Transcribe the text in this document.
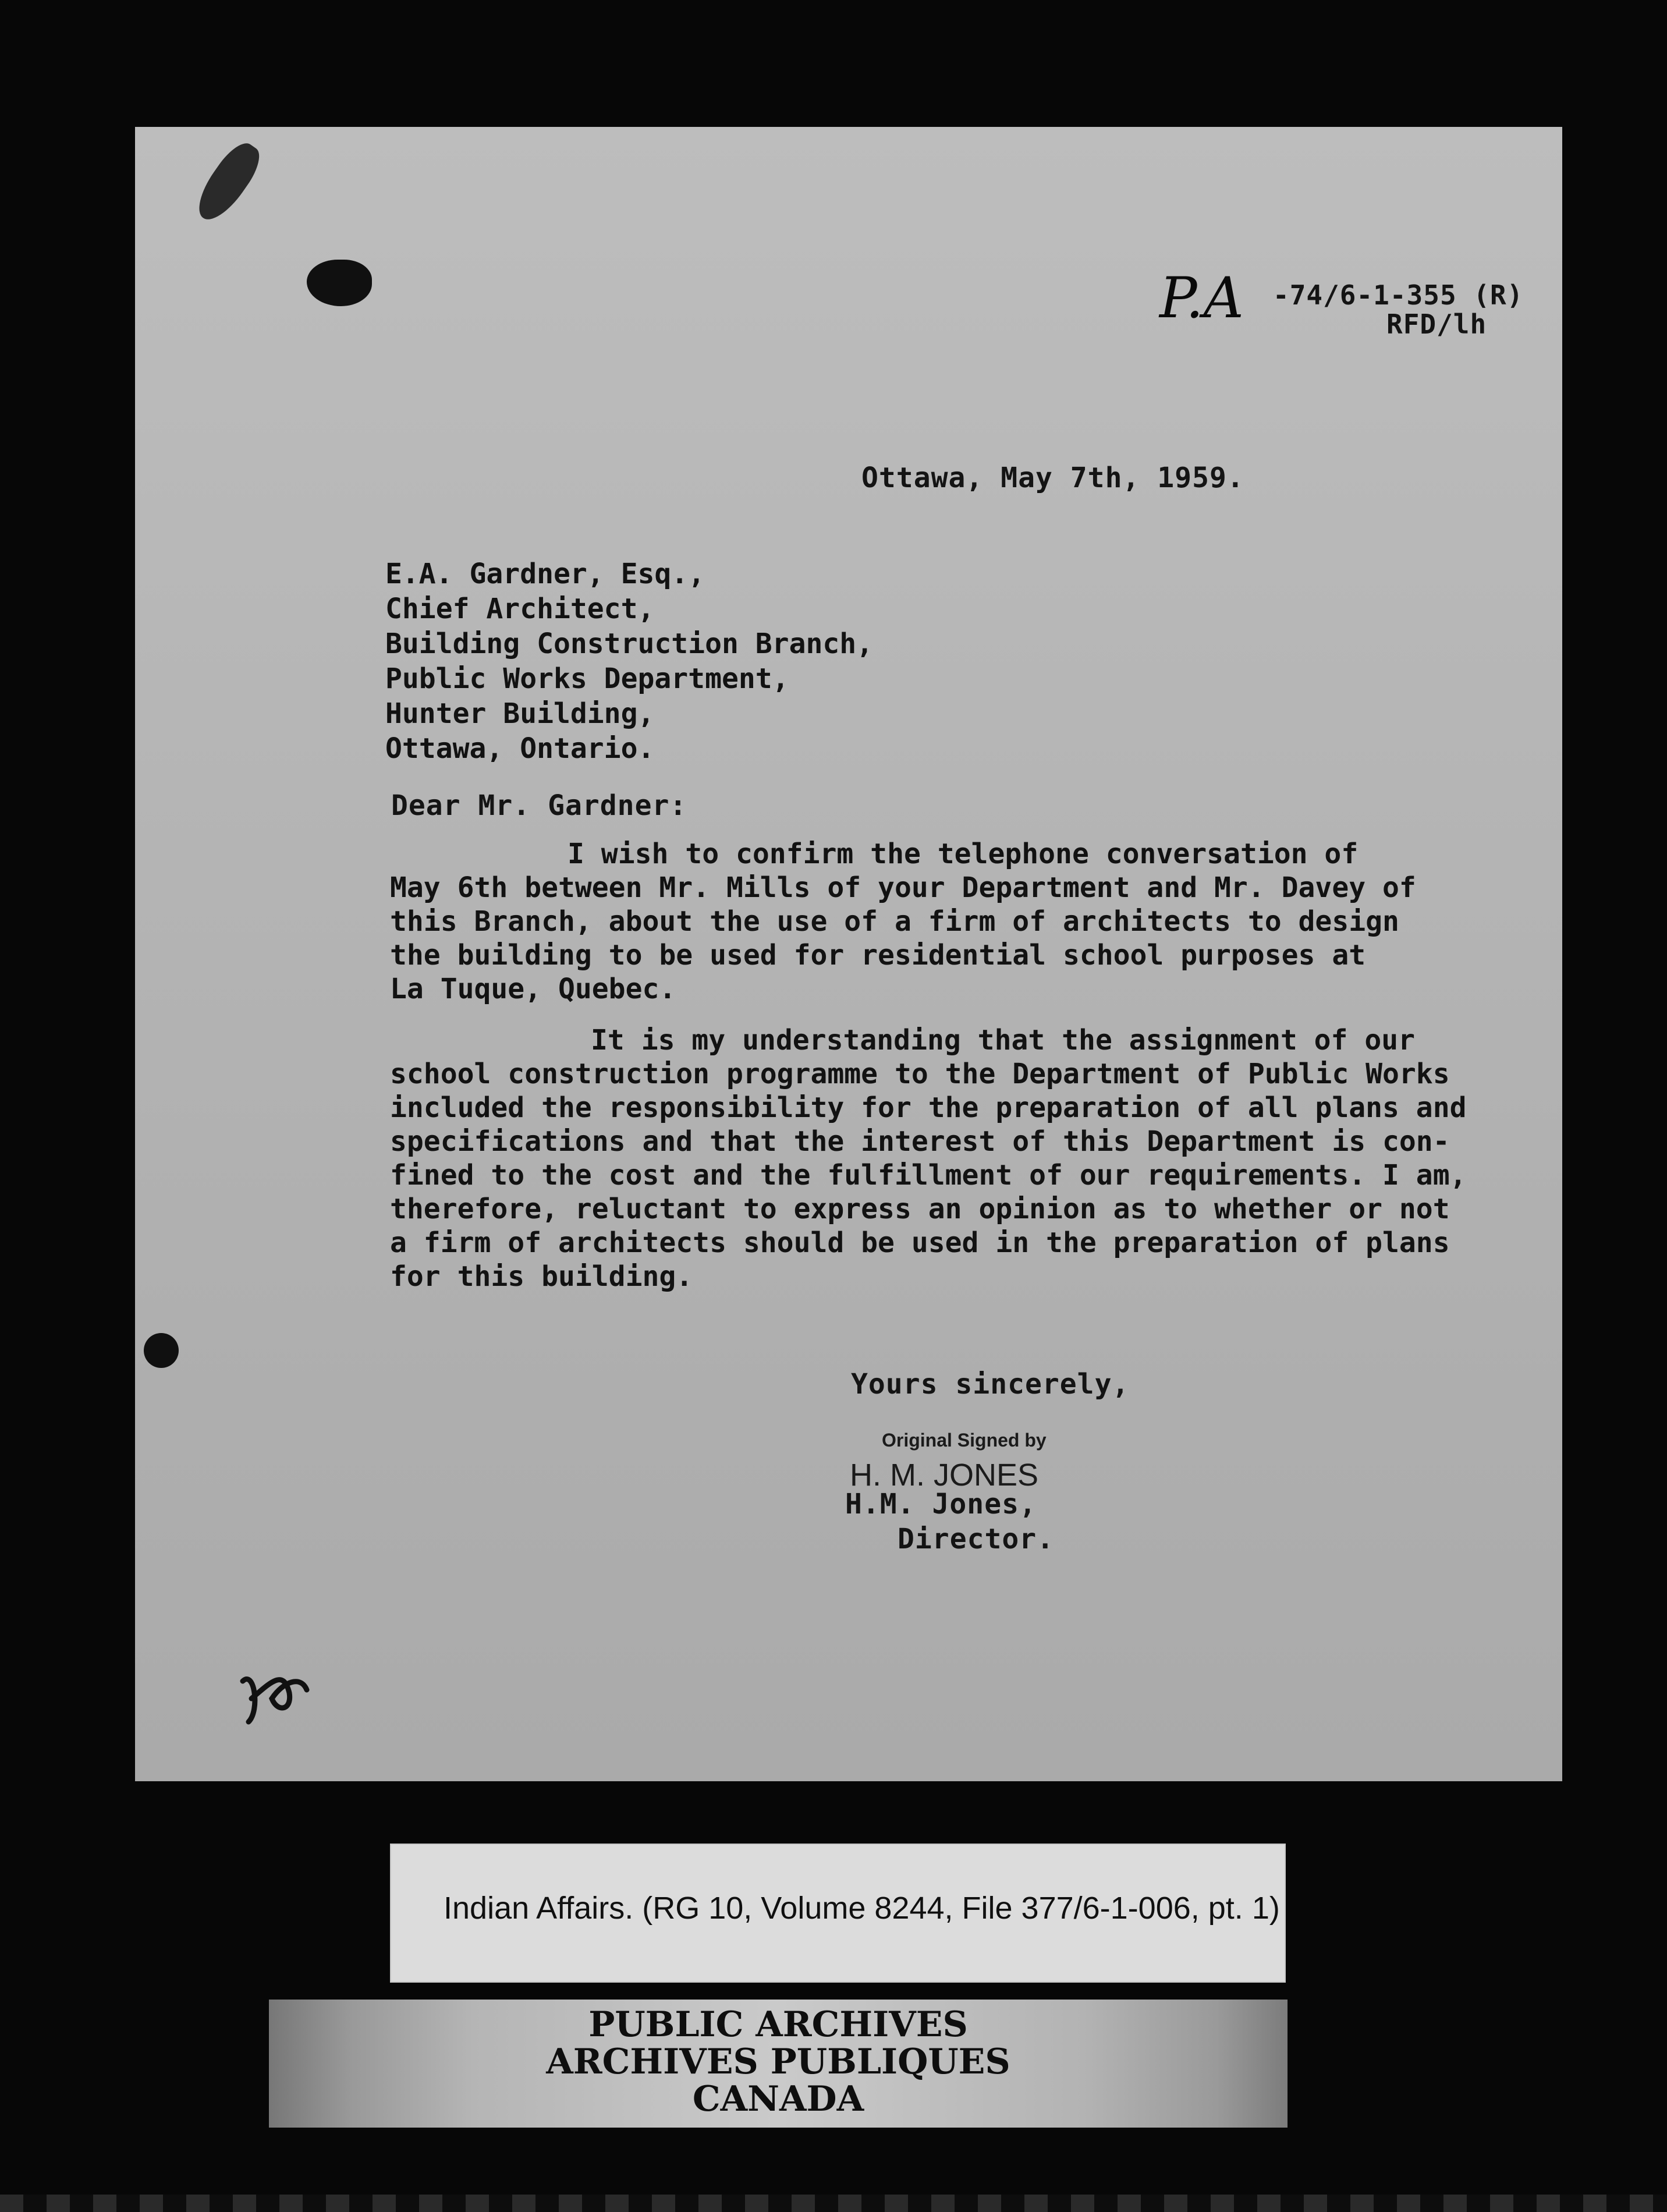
P.A -74/6-1-355 (R)
RFD/lh
Ottawa, May 7th, 1959.

E.A. Gardner, Esq.,

Chief Architect,

Building Construction Branch,

Public Works Department,

Hunter Building,

Ottawa, Ontario.

Dear Mr. Gardner:

I wish to confirm the telephone conversation of

May 6th between Mr. Mills of your Department and Mr. Davey of

this Branch, about the use of a firm of architects to design

the building to be used for residential school purposes at

La Tuque, Quebec.

It is my understanding that the assignment of our

school construction programme to the Department of Public Works

included the responsibility for the preparation of all plans and

specifications and that the interest of this Department is con-

fined to the cost and the fulfillment of our requirements. I am,

therefore, reluctant to express an opinion as to whether or not

a firm of architects should be used in the preparation of plans

for this building.

Yours sincerely,
Original Signed by
H. M. JONES
H.M. Jones,
Director.
Indian Affairs. (RG 10, Volume 8244, File 377/6-1-006, pt. 1)
PUBLIC ARCHIVES
ARCHIVES PUBLIQUES
CANADA
